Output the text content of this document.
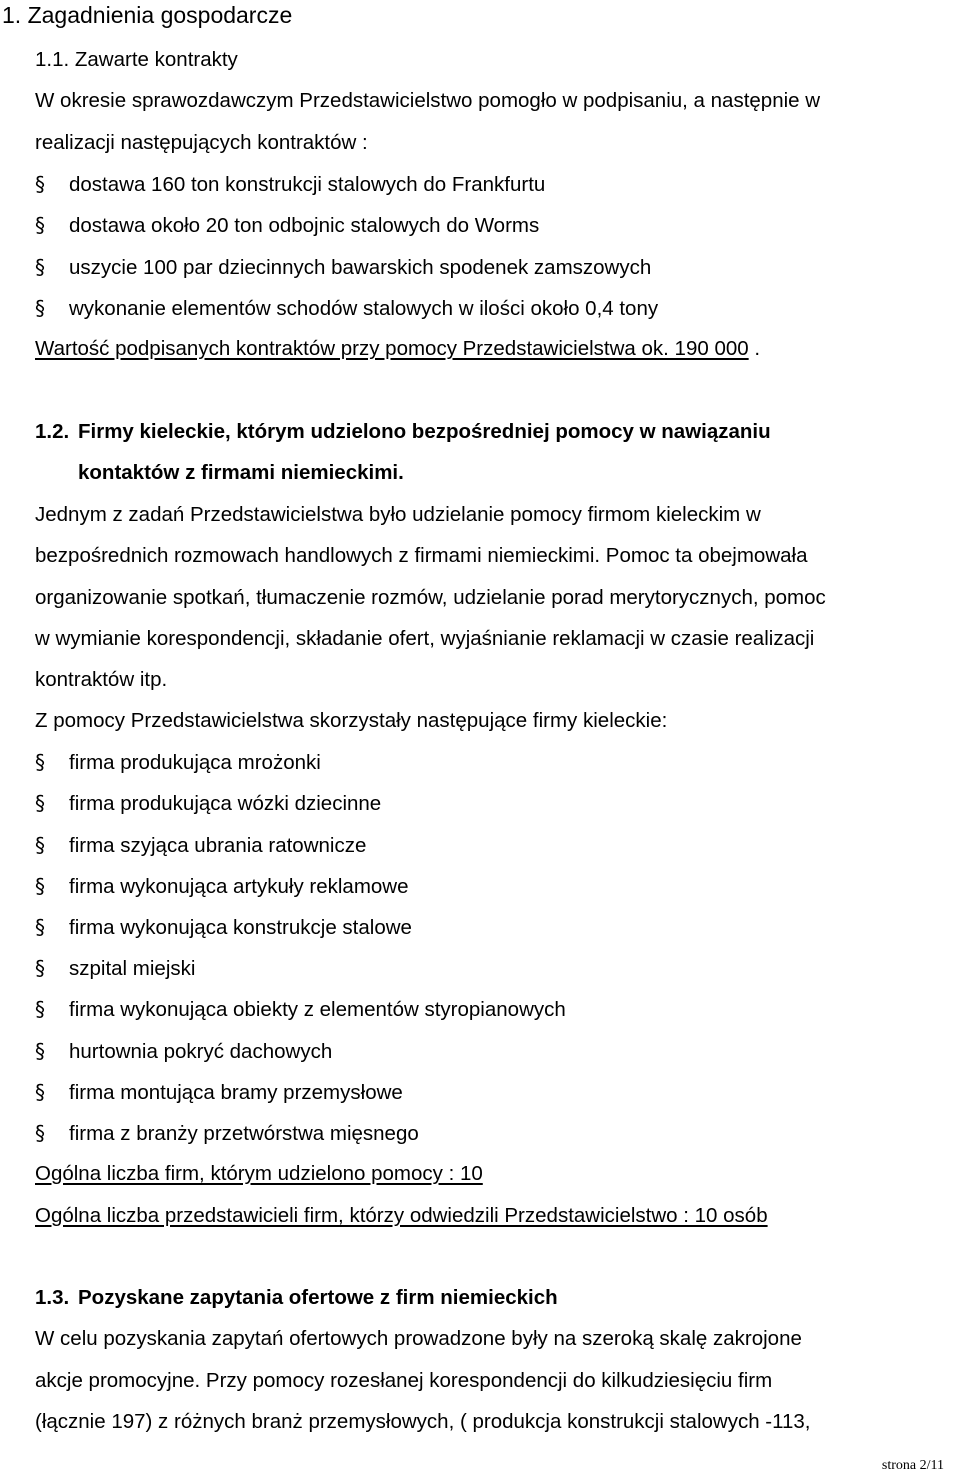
1. Zagadnienia gospodarcze
1.1. Zawarte kontrakty
W okresie sprawozdawczym Przedstawicielstwo pomogło w podpisaniu, a następnie w
realizacji następujących kontraktów :
§ dostawa 160 ton konstrukcji stalowych do Frankfurtu
§ dostawa około 20 ton odbojnic stalowych do Worms
§ uszycie 100 par dziecinnych bawarskich spodenek zamszowych
§ wykonanie elementów schodów stalowych w ilości około 0,4 tony
Wartość podpisanych kontraktów przy pomocy Przedstawicielstwa ok. 190 000 .
1.2. Firmy kieleckie, którym udzielono bezpośredniej pomocy w nawiązaniu
kontaktów z firmami niemieckimi.
Jednym z zadań Przedstawicielstwa było udzielanie pomocy firmom kieleckim w
bezpośrednich rozmowach handlowych z firmami niemieckimi. Pomoc ta obejmowała
organizowanie spotkań, tłumaczenie rozmów, udzielanie porad merytorycznych, pomoc
w wymianie korespondencji, składanie ofert, wyjaśnianie reklamacji w czasie realizacji
kontraktów itp.
Z pomocy Przedstawicielstwa skorzystały następujące firmy kieleckie:
§ firma produkująca mrożonki
§ firma produkująca wózki dziecinne
§ firma szyjąca ubrania ratownicze
§ firma wykonująca artykuły reklamowe
§ firma wykonująca konstrukcje stalowe
§ szpital miejski
§ firma wykonująca obiekty z elementów styropianowych
§ hurtownia pokryć dachowych
§ firma montująca bramy przemysłowe
§ firma z branży przetwórstwa mięsnego
Ogólna liczba firm, którym udzielono pomocy : 10
Ogólna liczba przedstawicieli firm, którzy odwiedzili Przedstawicielstwo : 10 osób
1.3. Pozyskane zapytania ofertowe z firm niemieckich
W celu pozyskania zapytań ofertowych prowadzone były na szeroką skalę zakrojone
akcje promocyjne. Przy pomocy rozesłanej korespondencji do kilkudziesięciu firm
(łącznie 197) z różnych branż przemysłowych, ( produkcja konstrukcji stalowych -113,
strona 2/11
